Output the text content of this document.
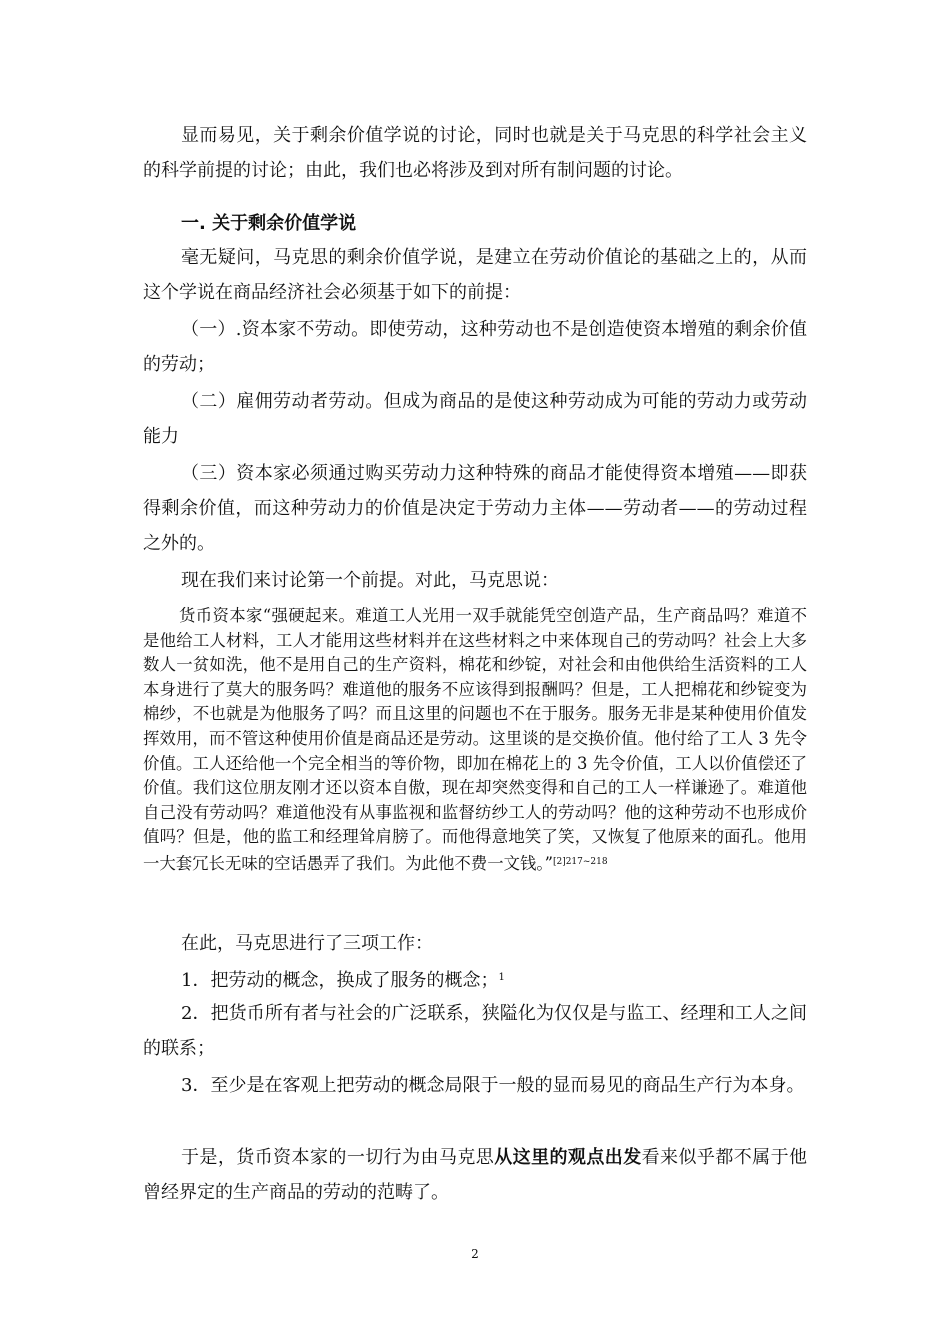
显而易见，关于剩余价值学说的讨论，同时也就是关于马克思的科学社会主义的科学前提的讨论；由此，我们也必将涉及到对所有制问题的讨论。

一. 关于剩余价值学说

毫无疑问，马克思的剩余价值学说，是建立在劳动价值论的基础之上的，从而这个学说在商品经济社会必须基于如下的前提：

（一）.资本家不劳动。即使劳动，这种劳动也不是创造使资本增殖的剩余价值的劳动；

（二）雇佣劳动者劳动。但成为商品的是使这种劳动成为可能的劳动力或劳动能力

（三）资本家必须通过购买劳动力这种特殊的商品才能使得资本增殖——即获得剩余价值，而这种劳动力的价值是决定于劳动力主体——劳动者——的劳动过程之外的。

现在我们来讨论第一个前提。对此，马克思说：

货币资本家“强硬起来。难道工人光用一双手就能凭空创造产品，生产商品吗？难道不是他给工人材料，工人才能用这些材料并在这些材料之中来体现自己的劳动吗？社会上大多数人一贫如洗，他不是用自己的生产资料，棉花和纱锭，对社会和由他供给生活资料的工人本身进行了莫大的服务吗？难道他的服务不应该得到报酬吗？但是，工人把棉花和纱锭变为棉纱，不也就是为他服务了吗？而且这里的问题也不在于服务。服务无非是某种使用价值发挥效用，而不管这种使用价值是商品还是劳动。这里谈的是交换价值。他付给了工人 3 先令价值。工人还给他一个完全相当的等价物，即加在棉花上的 3 先令价值，工人以价值偿还了价值。我们这位朋友刚才还以资本自傲，现在却突然变得和自己的工人一样谦逊了。难道他自己没有劳动吗？难道他没有从事监视和监督纺纱工人的劳动吗？他的这种劳动不也形成价值吗？但是，他的监工和经理耸肩膀了。而他得意地笑了笑，又恢复了他原来的面孔。他用一大套冗长无味的空话愚弄了我们。为此他不费一文钱。”$^{[2]217\sim 218}$

在此，马克思进行了三项工作：

1．把劳动的概念，换成了服务的概念；$^1$

2．把货币所有者与社会的广泛联系，狭隘化为仅仅是与监工、经理和工人之间的联系；

3．至少是在客观上把劳动的概念局限于一般的显而易见的商品生产行为本身。

于是，货币资本家的一切行为由马克思从这里的观点出发看来似乎都不属于他曾经界定的生产商品的劳动的范畴了。

2
